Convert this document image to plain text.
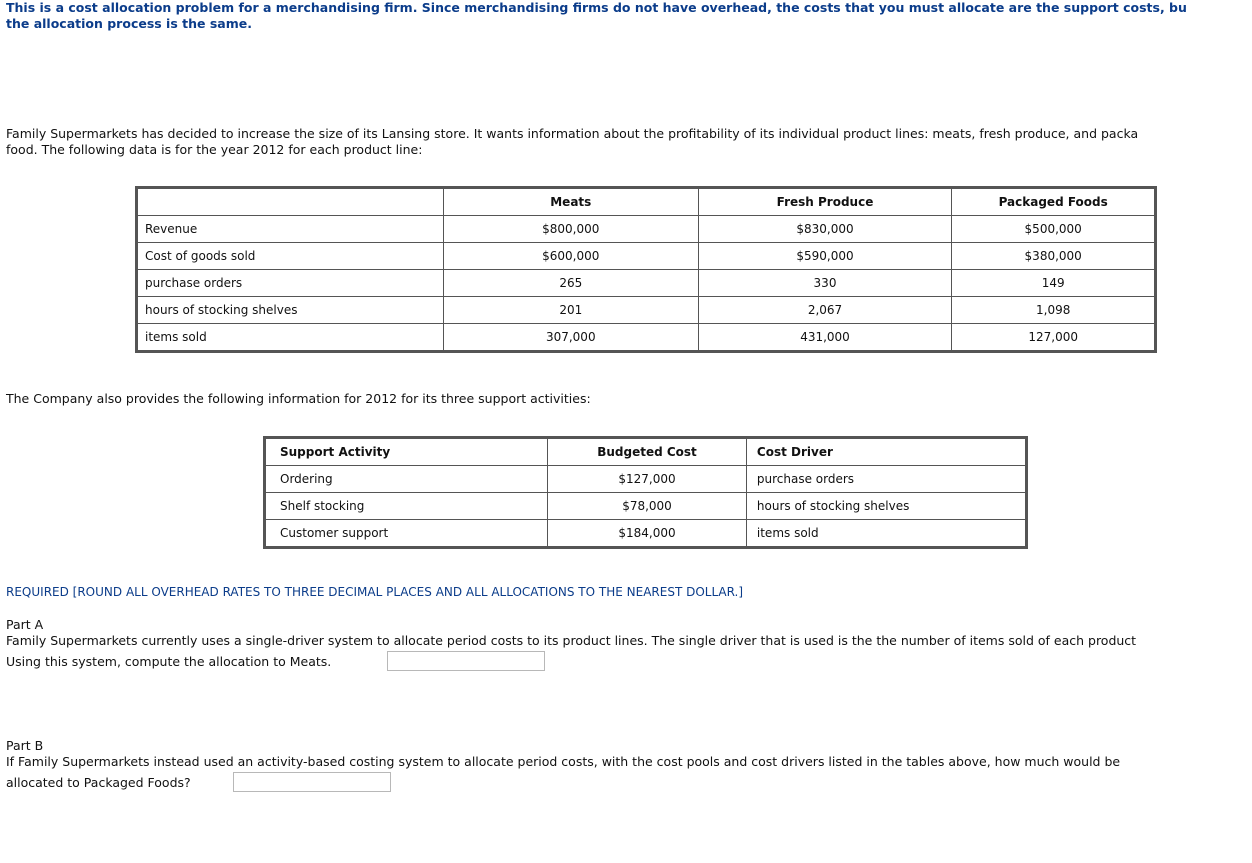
This is a cost allocation problem for a merchandising firm. Since merchandising firms do not have overhead, the costs that you must allocate are the support costs, bu
the allocation process is the same.
Family Supermarkets has decided to increase the size of its Lansing store. It wants information about the profitability of its individual product lines: meats, fresh produce, and packa
food. The following data is for the year 2012 for each product line:
	Meats	Fresh Produce	Packaged Foods
Revenue	$800,000	$830,000	$500,000
Cost of goods sold	$600,000	$590,000	$380,000
purchase orders	265	330	149
hours of stocking shelves	201	2,067	1,098
items sold	307,000	431,000	127,000
The Company also provides the following information for 2012 for its three support activities:
Support Activity	Budgeted Cost	Cost Driver
Ordering	$127,000	purchase orders
Shelf stocking	$78,000	hours of stocking shelves
Customer support	$184,000	items sold
REQUIRED [ROUND ALL OVERHEAD RATES TO THREE DECIMAL PLACES AND ALL ALLOCATIONS TO THE NEAREST DOLLAR.]
Part A
Family Supermarkets currently uses a single-driver system to allocate period costs to its product lines. The single driver that is used is the the number of items sold of each product
Using this system, compute the allocation to Meats.
Part B
If Family Supermarkets instead used an activity-based costing system to allocate period costs, with the cost pools and cost drivers listed in the tables above, how much would be
allocated to Packaged Foods?
